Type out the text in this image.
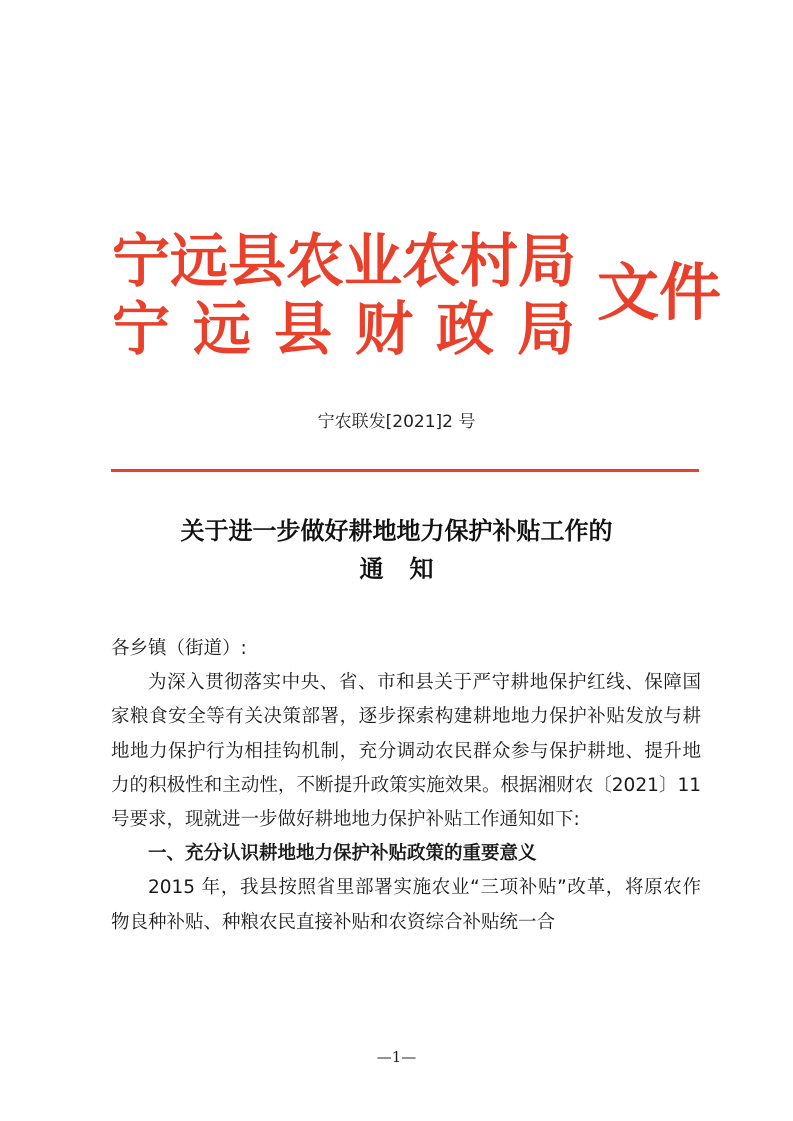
宁远县农业农村局
宁远县财政局
文件
宁农联发[2021]2 号
关于进一步做好耕地地力保护补贴工作的
通知

各乡镇（街道）:

为深入贯彻落实中央、省、市和县关于严守耕地保护红线、保障国家粮食安全等有关决策部署，逐步探索构建耕地地力保护补贴发放与耕地地力保护行为相挂钩机制，充分调动农民群众参与保护耕地、提升地力的积极性和主动性，不断提升政策实施效果。根据湘财农〔2021〕11 号要求，现就进一步做好耕地地力保护补贴工作通知如下:

一、充分认识耕地地力保护补贴政策的重要意义

2015 年，我县按照省里部署实施农业“三项补贴”改革，将原农作物良种补贴、种粮农民直接补贴和农资综合补贴统一合

—1—
